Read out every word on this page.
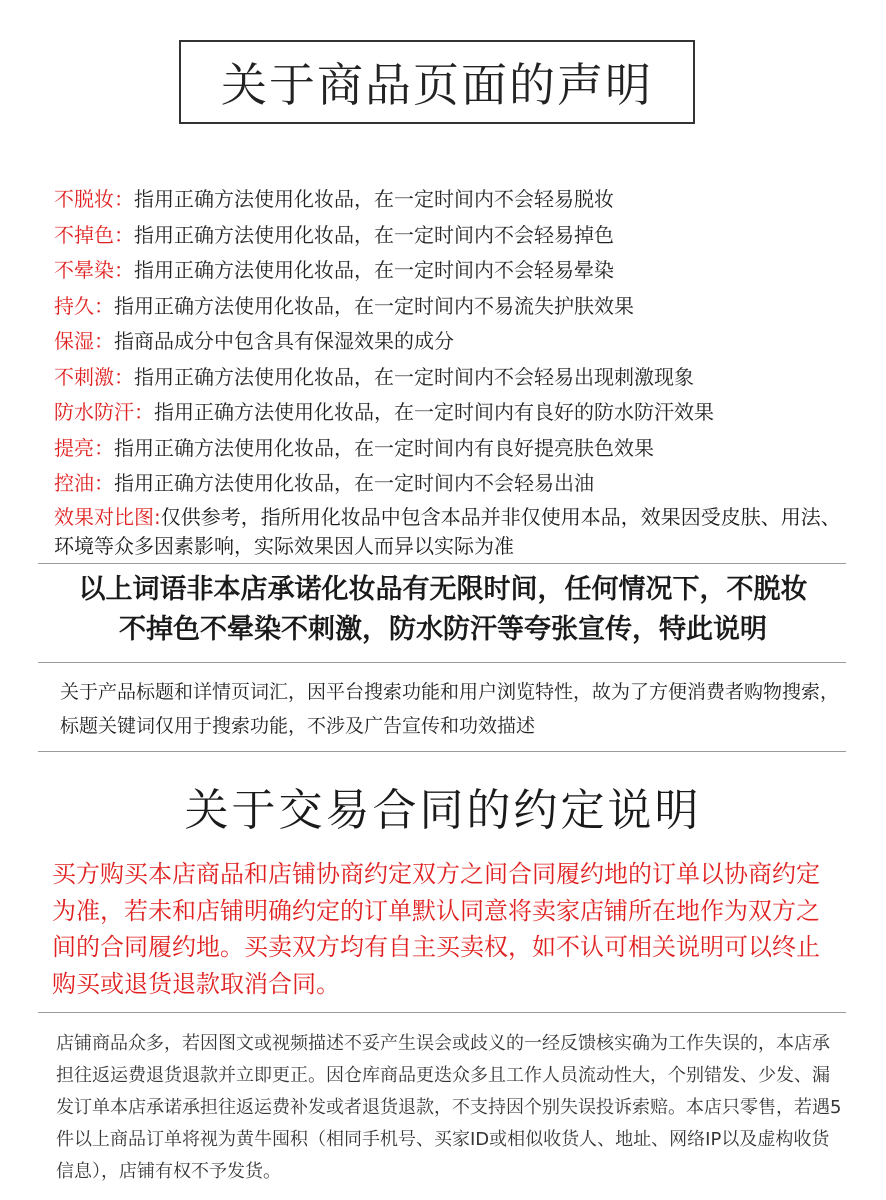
关于商品页面的声明
不脱妆：指用正确方法使用化妆品，在一定时间内不会轻易脱妆
不掉色：指用正确方法使用化妆品，在一定时间内不会轻易掉色
不晕染：指用正确方法使用化妆品，在一定时间内不会轻易晕染
持久：指用正确方法使用化妆品，在一定时间内不易流失护肤效果
保湿：指商品成分中包含具有保湿效果的成分
不刺激：指用正确方法使用化妆品，在一定时间内不会轻易出现刺激现象
防水防汗：指用正确方法使用化妆品，在一定时间内有良好的防水防汗效果
提亮：指用正确方法使用化妆品，在一定时间内有良好提亮肤色效果
控油：指用正确方法使用化妆品，在一定时间内不会轻易出油
效果对比图:仅供参考，指所用化妆品中包含本品并非仅使用本品，效果因受皮肤、用法、环境等众多因素影响，实际效果因人而异以实际为准
以上词语非本店承诺化妆品有无限时间，任何情况下，不脱妆
不掉色不晕染不刺激，防水防汗等夸张宣传，特此说明
关于产品标题和详情页词汇，因平台搜索功能和用户浏览特性，故为了方便消费者购物搜索，标题关键词仅用于搜索功能，不涉及广告宣传和功效描述
关于交易合同的约定说明
买方购买本店商品和店铺协商约定双方之间合同履约地的订单以协商约定为准，若未和店铺明确约定的订单默认同意将卖家店铺所在地作为双方之间的合同履约地。买卖双方均有自主买卖权，如不认可相关说明可以终止购买或退货退款取消合同。
店铺商品众多，若因图文或视频描述不妥产生误会或歧义的一经反馈核实确为工作失误的，本店承担往返运费退货退款并立即更正。因仓库商品更迭众多且工作人员流动性大，个别错发、少发、漏发订单本店承诺承担往返运费补发或者退货退款，不支持因个别失误投诉索赔。本店只零售，若遇5件以上商品订单将视为黄牛囤积（相同手机号、买家ID或相似收货人、地址、网络IP以及虚构收货信息），店铺有权不予发货。
